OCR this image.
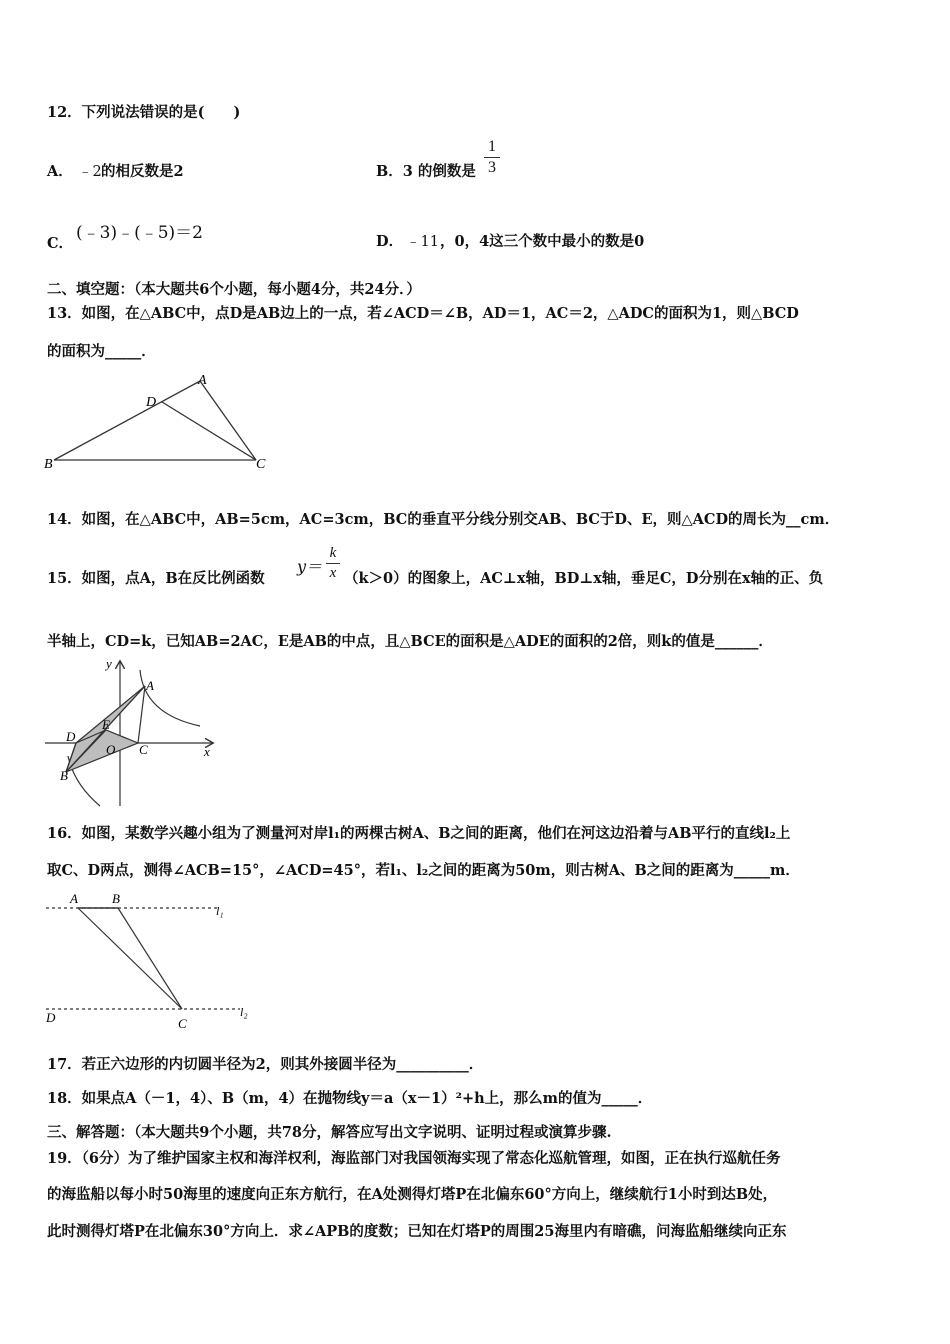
12．下列说法错误的是(　　)
A． ﹣2 的相反数是2	B．3 的倒数是
1
3
C．
(﹣3)﹣(﹣5)＝2	D． ﹣11 ，0，4这三个数中最小的数是0
二、填空题：（本大题共6个小题，每小题4分，共24分．）
13．如图，在△ABC中，点D是AB边上的一点，若∠ACD＝∠B，AD＝1，AC＝2，△ADC的面积为1，则△BCD
的面积为_____．
A
B	C
D
14．如图，在△ABC中，AB=5cm，AC=3cm，BC的垂直平分线分别交AB、BC于D、E，则△ACD的周长为__cm．
15．如图，点A，B在反比例函数
y＝
k
x （k＞0）的图象上，AC⊥x轴，BD⊥x轴，垂足C，D分别在x轴的正、负
半轴上，CD=k，已知AB=2AC，E是AB的中点，且△BCE的面积是△ADE的面积的2倍，则k的值是______．
y
x
A
B
C
D
E
O
16．如图，某数学兴趣小组为了测量河对岸l₁的两棵古树A、B之间的距离，他们在河这边沿着与AB平行的直线l₂上
取C、D两点，测得∠ACB=15°，∠ACD=45°，若l₁、l₂之间的距离为50m，则古树A、B之间的距离为_____m．
A	B
C
D
l₁
l₂
17．若正六边形的内切圆半径为2，则其外接圆半径为__________．
18．如果点A（－1，4）、B（m，4）在抛物线y＝a（x－1）²+h上，那么m的值为_____．
三、解答题：（本大题共9个小题，共78分，解答应写出文字说明、证明过程或演算步骤.
19．（6分）为了维护国家主权和海洋权利，海监部门对我国领海实现了常态化巡航管理，如图，正在执行巡航任务
的海监船以每小时50海里的速度向正东方航行，在A处测得灯塔P在北偏东60°方向上，继续航行1小时到达B处，
此时测得灯塔P在北偏东30°方向上．求∠APB的度数；已知在灯塔P的周围25海里内有暗礁，问海监船继续向正东
